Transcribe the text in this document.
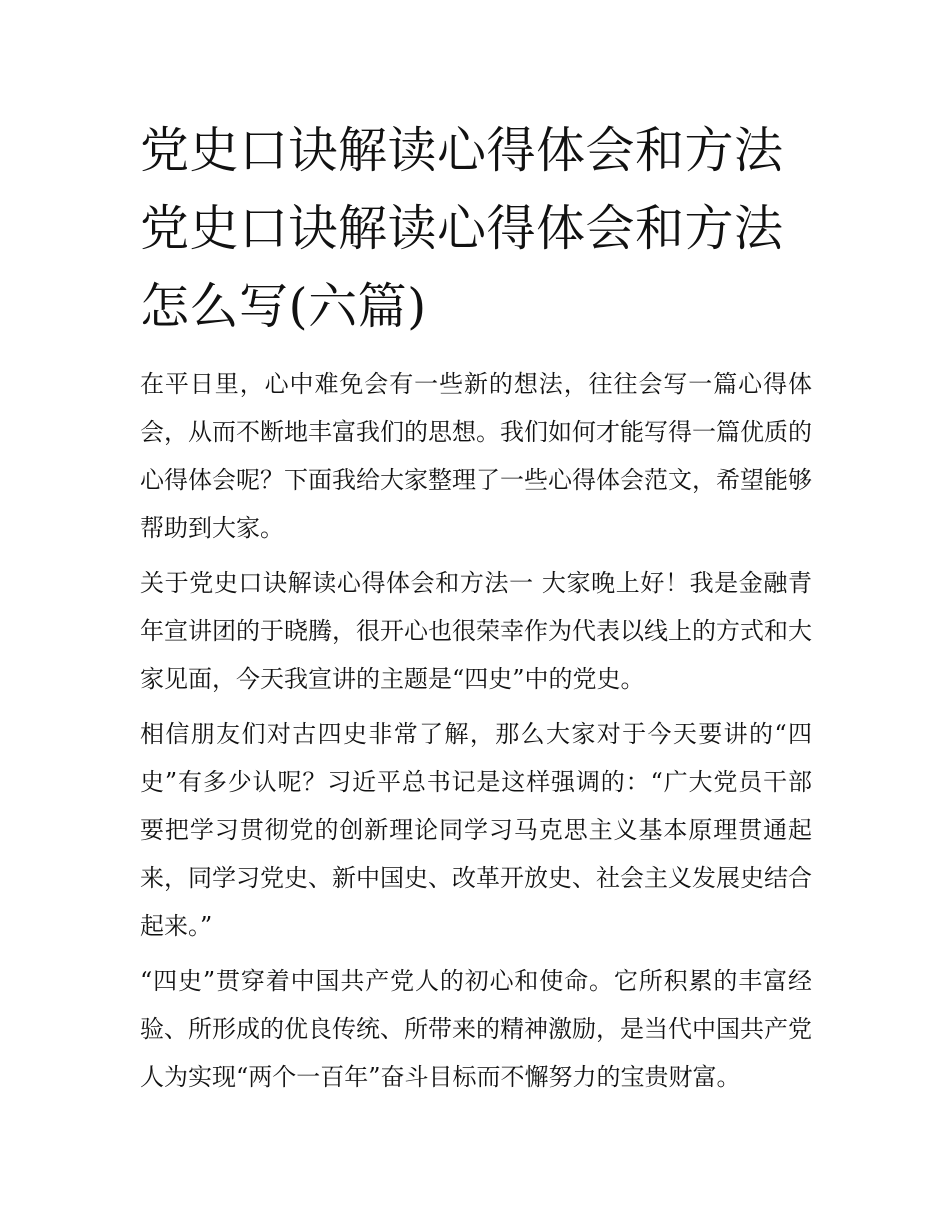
党史口诀解读心得体会和方法党史口诀解读心得体会和方法怎么写(六篇)

在平日里，心中难免会有一些新的想法，往往会写一篇心得体会，从而不断地丰富我们的思想。我们如何才能写得一篇优质的心得体会呢？下面我给大家整理了一些心得体会范文，希望能够帮助到大家。

关于党史口诀解读心得体会和方法一 大家晚上好！我是金融青年宣讲团的于晓腾，很开心也很荣幸作为代表以线上的方式和大家见面，今天我宣讲的主题是“四史”中的党史。

相信朋友们对古四史非常了解，那么大家对于今天要讲的“四史”有多少认呢？习近平总书记是这样强调的：“广大党员干部要把学习贯彻党的创新理论同学习马克思主义基本原理贯通起来，同学习党史、新中国史、改革开放史、社会主义发展史结合起来。”

“四史”贯穿着中国共产党人的初心和使命。它所积累的丰富经验、所形成的优良传统、所带来的精神激励，是当代中国共产党人为实现“两个一百年”奋斗目标而不懈努力的宝贵财富。
